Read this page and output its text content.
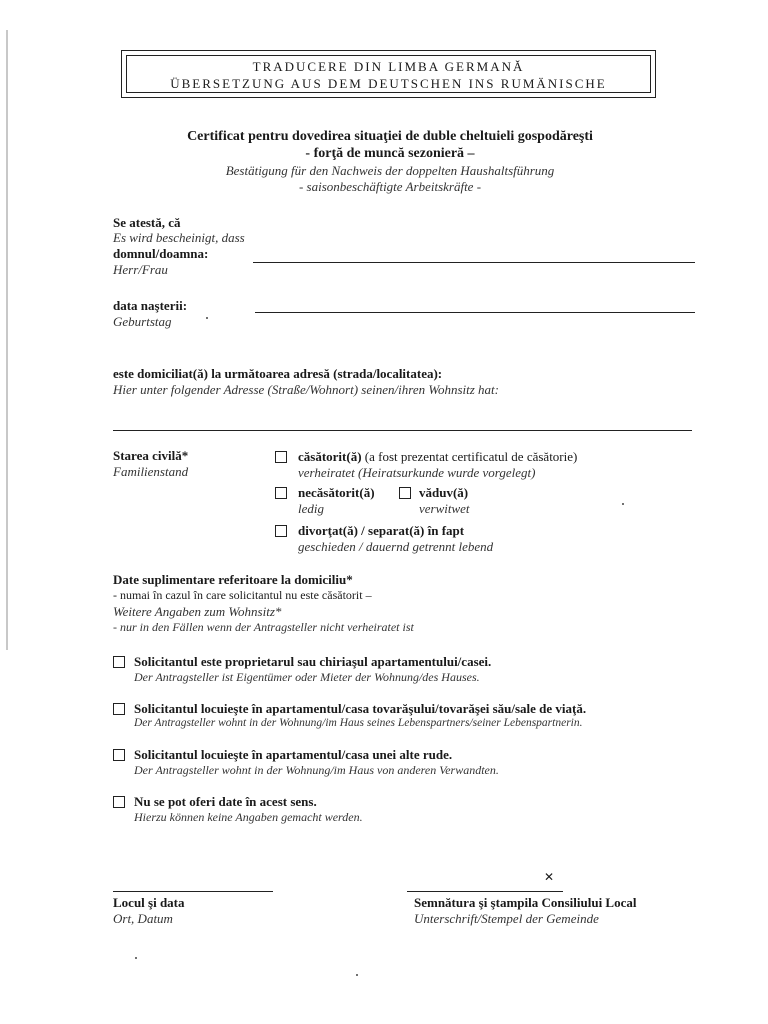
TRADUCERE DIN LIMBA GERMANĂ
ÜBERSETZUNG AUS DEM DEUTSCHEN INS RUMÄNISCHE
Certificat pentru dovedirea situaţiei de duble cheltuieli gospodăreşti
- forţă de muncă sezonieră –
Bestätigung für den Nachweis der doppelten Haushaltsführung
- saisonbeschäftigte Arbeitskräfte -
Se atestă, că
Es wird bescheinigt, dass
domnul/doamna:
Herr/Frau
data naşterii:
Geburtstag
este domiciliat(ă) la următoarea adresă (strada/localitatea):
Hier unter folgender Adresse (Straße/Wohnort) seinen/ihren Wohnsitz hat:
Starea civilă*
Familienstand
căsătorit(ă) (a fost prezentat certificatul de căsătorie)
verheiratet (Heiratsurkunde wurde vorgelegt)
necăsătorit(ă)
ledig
văduv(ă)
verwitwet
divorţat(ă) / separat(ă) în fapt
geschieden / dauernd getrennt lebend
Date suplimentare referitoare la domiciliu*
- numai în cazul în care solicitantul nu este căsătorit –
Weitere Angaben zum Wohnsitz*
- nur in den Fällen wenn der Antragsteller nicht verheiratet ist
Solicitantul este proprietarul sau chiriaşul apartamentului/casei.
Der Antragsteller ist Eigentümer oder Mieter der Wohnung/des Hauses.
Solicitantul locuieşte în apartamentul/casa tovarăşului/tovarăşei său/sale de viaţă.
Der Antragsteller wohnt in der Wohnung/im Haus seines Lebenspartners/seiner Lebenspartnerin.
Solicitantul locuieşte în apartamentul/casa unei alte rude.
Der Antragsteller wohnt in der Wohnung/im Haus von anderen Verwandten.
Nu se pot oferi date în acest sens.
Hierzu können keine Angaben gemacht werden.
✕
Locul şi data
Ort, Datum
Semnătura şi ştampila Consiliului Local
Unterschrift/Stempel der Gemeinde
